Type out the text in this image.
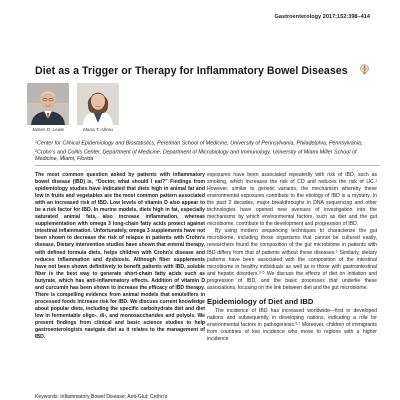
Gastroenterology 2017;152:398–414
Diet as a Trigger or Therapy for Inflammatory Bowel Diseases
James D. Lewis	Maria T. Abreu
$^1$Center for Clinical Epidemiology and Biostatistics, Perelman School of Medicine, University of Pennsylvania, Philadelphia, Pennsylvania; $^2$Crohn’s and Colitis Center, Department of Medicine, Department of Microbiology and Immunology, University of Miami Miller School of Medicine, Miami, Florida

The most common question asked by patients with inflammatory bowel disease (IBD) is, “Doctor, what should I eat?” Findings from epidemiology studies have indicated that diets high in animal fat and low in fruits and vegetables are the most common pattern associated with an increased risk of IBD. Low levels of vitamin D also appear to be a risk factor for IBD. In murine models, diets high in fat, especially saturated animal fats, also increase inflammation, whereas supplementation with omega 3 long-chain fatty acids protect against intestinal inflammation. Unfortunately, omega 3 supplements have not been shown to decrease the risk of relapse in patients with Crohn’s disease. Dietary intervention studies have shown that enteral therapy, with defined formula diets, helps children with Crohn’s disease and reduces inflammation and dysbiosis. Although fiber supplements have not been shown definitively to benefit patients with IBD, soluble fiber is the best way to generate short-chain fatty acids such as butyrate, which has anti-inflammatory effects. Addition of vitamin D and curcumin has been shown to increase the efficacy of IBD therapy. There is compelling evidence from animal models that emulsifiers in processed foods increase risk for IBD. We discuss current knowledge about popular diets, including the specific carbohydrate diet and diet low in fermentable oligo-, di-, and monosaccharides and polyols. We present findings from clinical and basic science studies to help gastroenterologists navigate diet as it relates to the management of IBD.

exposures have been associated repeatedly with risk of IBD, such as smoking, which increases the risk of CD and reduces the risk of UC.$^1$ However, similar to genetic variants, the mechanism whereby these environmental exposures contribute to the etiology of IBD is a mystery. In the past 2 decades, major breakthroughs in DNA sequencing and other technologies have opened new avenues of investigation into the mechanisms by which environmental factors, such as diet and the gut microbiome, contribute to the development and progression of IBD.

By using modern sequencing techniques to characterize the gut microbiome, including those organisms that cannot be cultured easily, researchers found the composition of the gut microbiome in patients with IBD differs from that of patients without these diseases.$^2$ Similarly, dietary patterns have been associated with the composition of the intestinal microbiome in healthy individuals as well as in those with gastrointestinal and hepatic disorders.$^{3-5}$ We discuss the effects of diet on initiation and progression of IBD, and the basic processes that underlie these associations, focusing on the link between diet and the gut microbiome.

Epidemiology of Diet and IBD

The incidence of IBD has increased worldwide—first in developed nations and subsequently in developing nations, indicating a role for environmental factors in pathogenesis.$^{6,7}$ Moreover, children of immigrants from countries of low incidence who move to regions with a higher incidence

Keywords: Inflammatory Bowel Disease; Anti-Glut; Crohn’s
